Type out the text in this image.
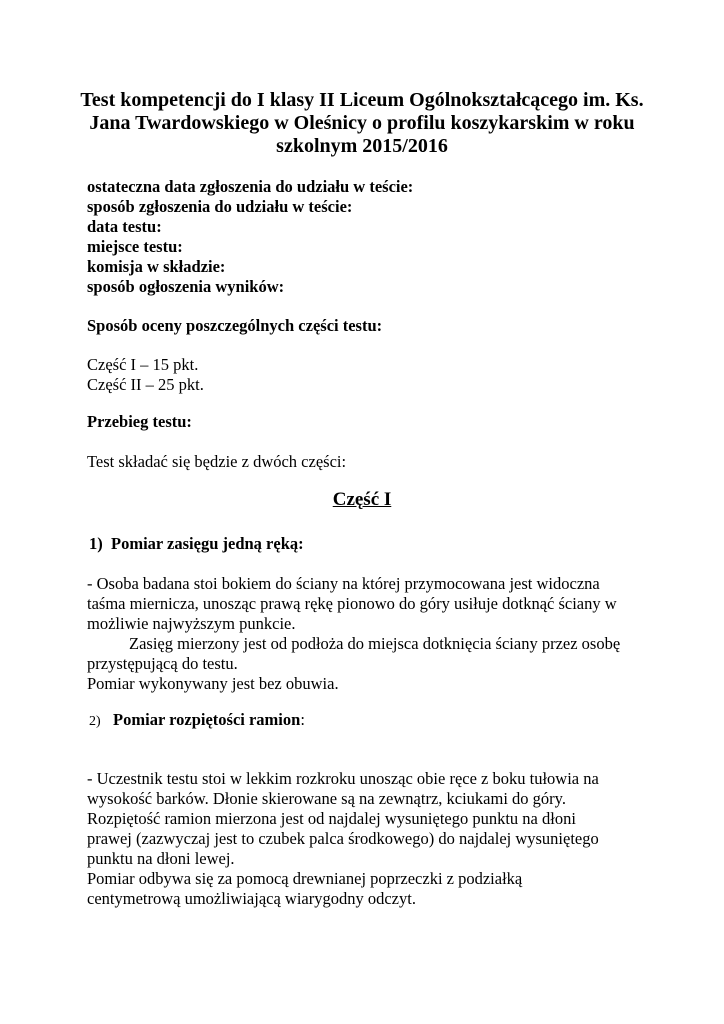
Test kompetencji do I klasy II Liceum Ogólnokształcącego im. Ks.
Jana Twardowskiego w Oleśnicy o profilu koszykarskim w roku
szkolnym 2015/2016
ostateczna data zgłoszenia do udziału w teście:
sposób zgłoszenia do udziału w teście:
data testu:
miejsce testu:
komisja w składzie:
sposób ogłoszenia wyników:
Sposób oceny poszczególnych części testu:
Część I – 15 pkt.
Część II – 25 pkt.
Przebieg testu:
Test składać się będzie z dwóch części:
Część I
1) Pomiar zasięgu jedną ręką:
- Osoba badana stoi bokiem do ściany na której przymocowana jest widoczna
taśma miernicza, unosząc prawą rękę pionowo do góry usiłuje dotknąć ściany w
możliwie najwyższym punkcie.
Zasięg mierzony jest od podłoża do miejsca dotknięcia ściany przez osobę
przystępującą do testu.
Pomiar wykonywany jest bez obuwia.
2) Pomiar rozpiętości ramion:
- Uczestnik testu stoi w lekkim rozkroku unosząc obie ręce z boku tułowia na
wysokość barków. Dłonie skierowane są na zewnątrz, kciukami do góry.
Rozpiętość ramion mierzona jest od najdalej wysuniętego punktu na dłoni
prawej (zazwyczaj jest to czubek palca środkowego) do najdalej wysuniętego
punktu na dłoni lewej.
Pomiar odbywa się za pomocą drewnianej poprzeczki z podziałką
centymetrową umożliwiającą wiarygodny odczyt.
